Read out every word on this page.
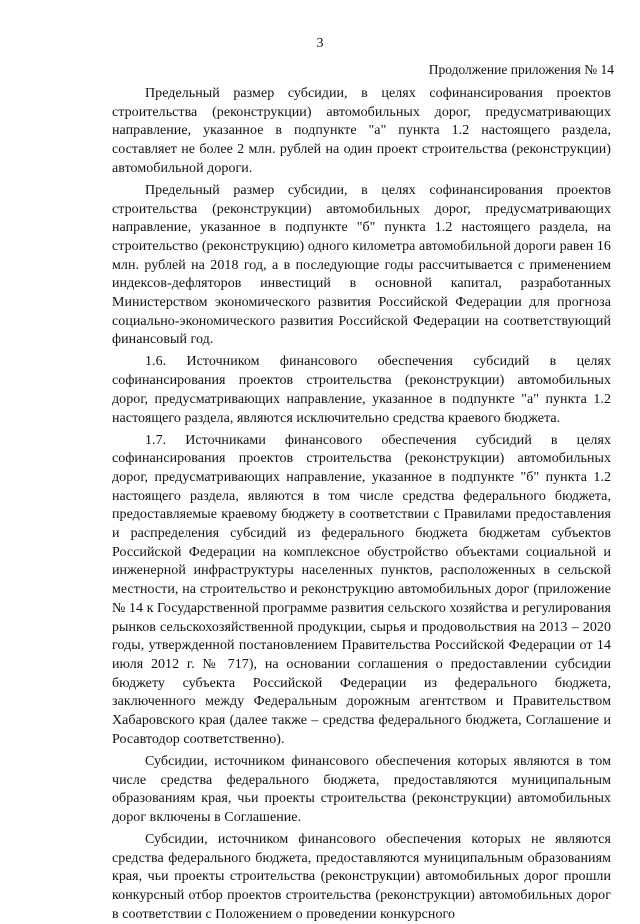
3
Продолжение приложения № 14

Предельный размер субсидии, в целях софинансирования проектов строительства (реконструкции) автомобильных дорог, предусматривающих направление, указанное в подпункте "а" пункта 1.2 настоящего раздела, составляет не более 2 млн. рублей на один проект строительства (реконструкции) автомобильной дороги.

Предельный размер субсидии, в целях софинансирования проектов строительства (реконструкции) автомобильных дорог, предусматривающих направление, указанное в подпункте "б" пункта 1.2 настоящего раздела, на строительство (реконструкцию) одного километра автомобильной дороги равен 16 млн. рублей на 2018 год, а в последующие годы рассчитывается с применением индексов-дефляторов инвестиций в основной капитал, разработанных Министерством экономического развития Российской Федерации для прогноза социально-экономического развития Российской Федерации на соответствующий финансовый год.

1.6. Источником финансового обеспечения субсидий в целях софинансирования проектов строительства (реконструкции) автомобильных дорог, предусматривающих направление, указанное в подпункте "а" пункта 1.2 настоящего раздела, являются исключительно средства краевого бюджета.

1.7. Источниками финансового обеспечения субсидий в целях софинансирования проектов строительства (реконструкции) автомобильных дорог, предусматривающих направление, указанное в подпункте "б" пункта 1.2 настоящего раздела, являются в том числе средства федерального бюджета, предоставляемые краевому бюджету в соответствии с Правилами предоставления и распределения субсидий из федерального бюджета бюджетам субъектов Российской Федерации на комплексное обустройство объектами социальной и инженерной инфраструктуры населенных пунктов, расположенных в сельской местности, на строительство и реконструкцию автомобильных дорог (приложение № 14 к Государственной программе развития сельского хозяйства и регулирования рынков сельскохозяйственной продукции, сырья и продовольствия на 2013 – 2020 годы, утвержденной постановлением Правительства Российской Федерации от 14 июля 2012 г. № 717), на основании соглашения о предоставлении субсидии бюджету субъекта Российской Федерации из федерального бюджета, заключенного между Федеральным дорожным агентством и Правительством Хабаровского края (далее также – средства федерального бюджета, Соглашение и Росавтодор соответственно).

Субсидии, источником финансового обеспечения которых являются в том числе средства федерального бюджета, предоставляются муниципальным образованиям края, чьи проекты строительства (реконструкции) автомобильных дорог включены в Соглашение.

Субсидии, источником финансового обеспечения которых не являются средства федерального бюджета, предоставляются муниципальным образованиям края, чьи проекты строительства (реконструкции) автомобильных дорог прошли конкурсный отбор проектов строительства (реконструкции) автомобильных дорог в соответствии с Положением о проведении конкурсного
